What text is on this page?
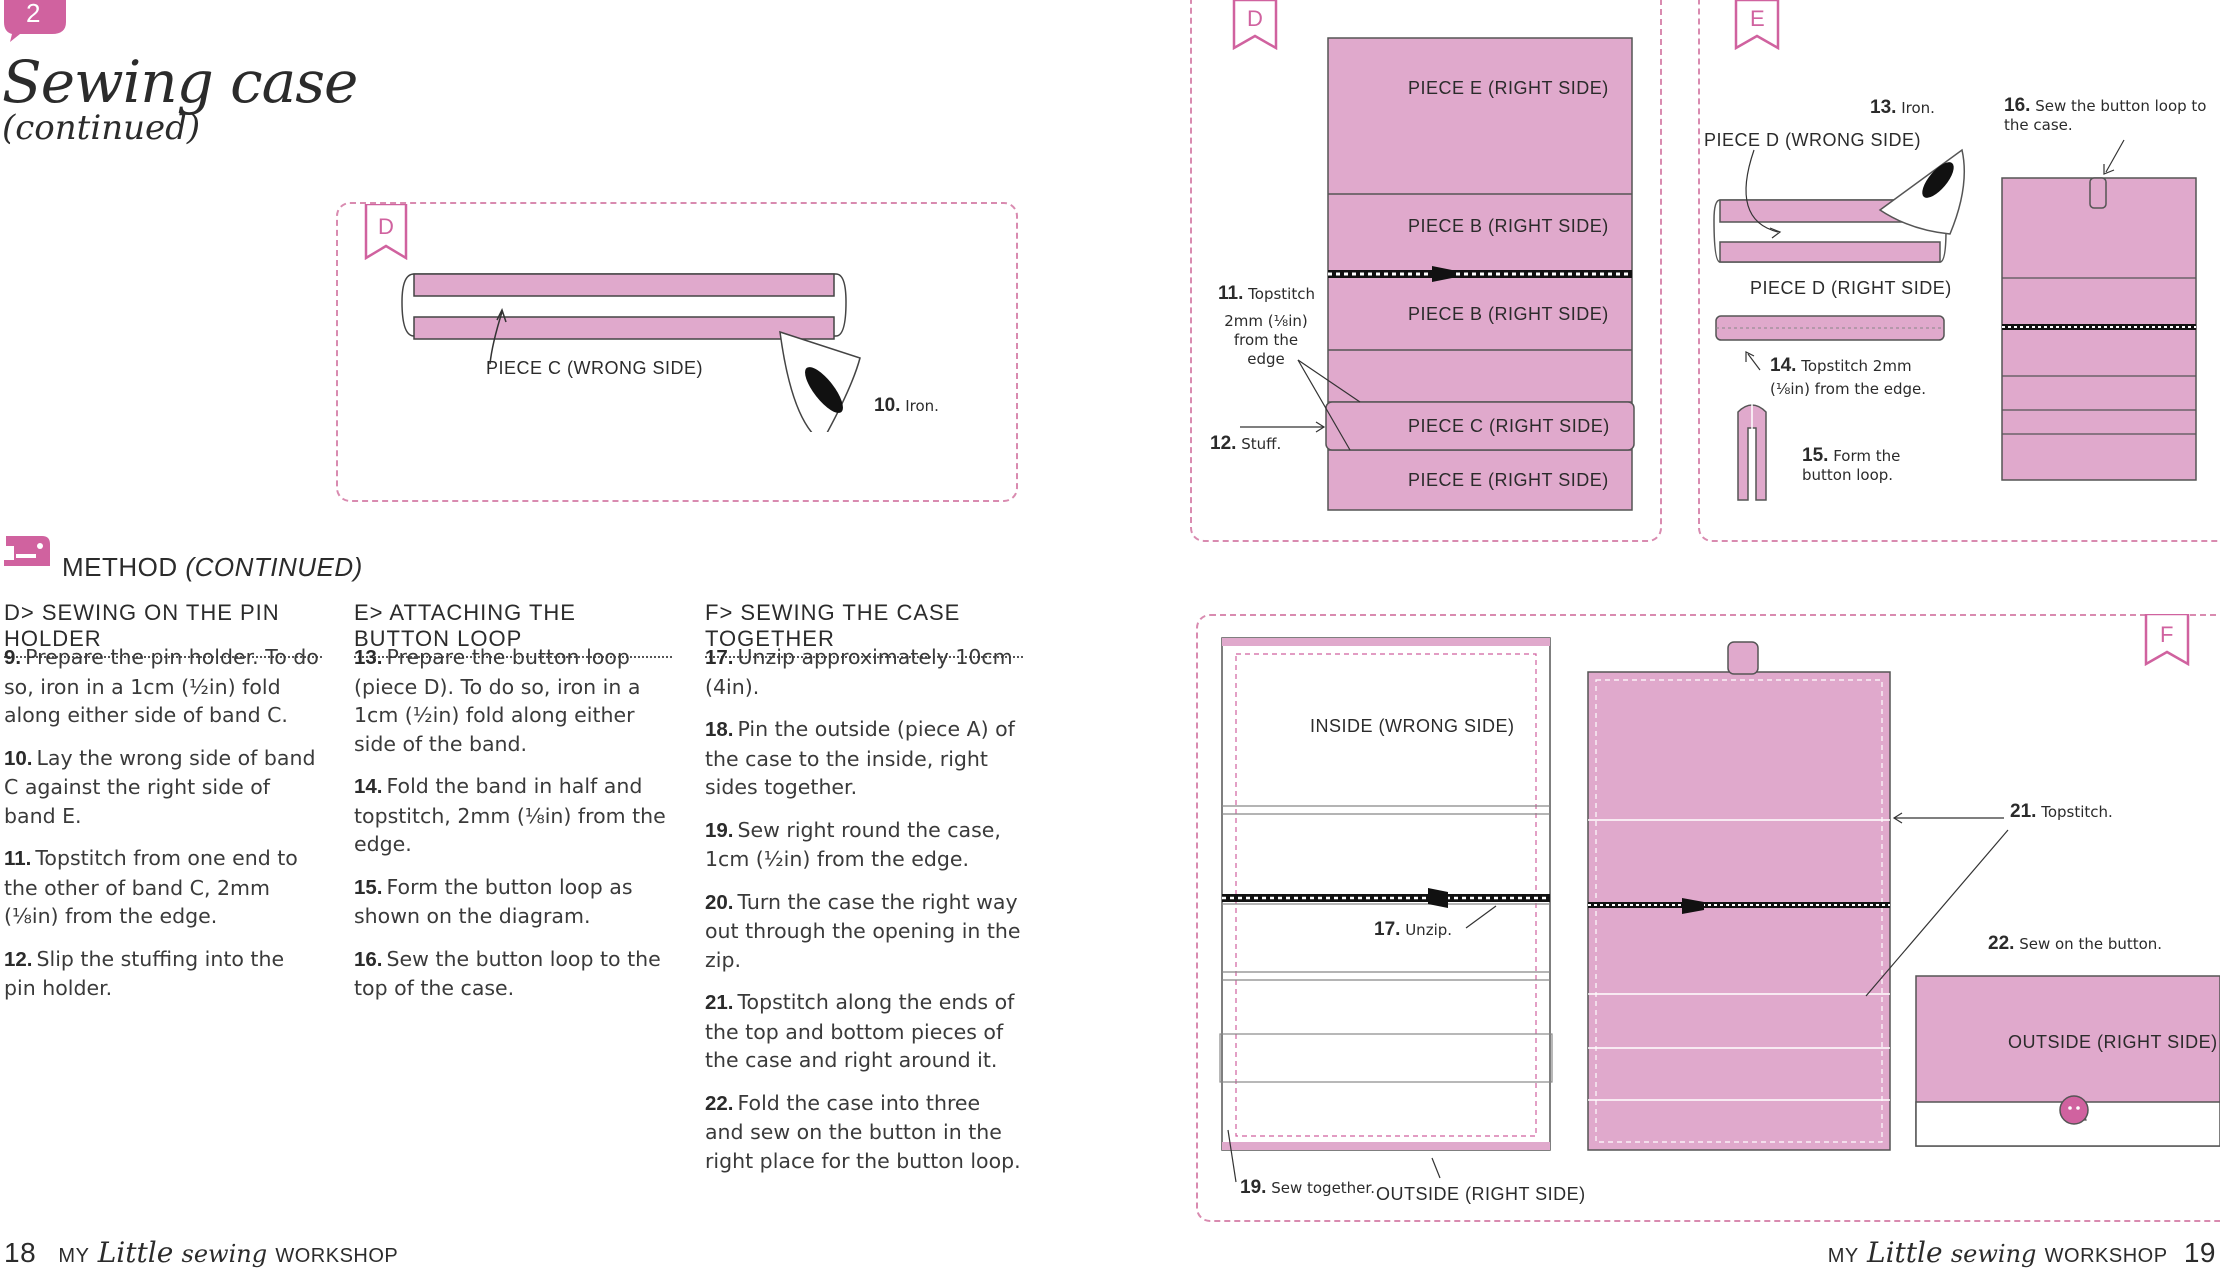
2
Sewing case
(continued)
D
PIECE C (WRONG SIDE)
10. Iron.
METHOD (CONTINUED)
D> SEWING ON THE PIN HOLDER

9. Prepare the pin holder. To do so, iron in a 1cm (½in) fold along either side of band C.

10. Lay the wrong side of band C against the right side of band E.

11. Topstitch from one end to the other of band C, 2mm (⅛in) from the edge.

12. Slip the stuffing into the pin holder.

E> ATTACHING THE BUTTON LOOP

13. Prepare the button loop (piece D). To do so, iron in a 1cm (½in) fold along either side of the band.

14. Fold the band in half and topstitch, 2mm (⅛in) from the edge.

15. Form the button loop as shown on the diagram.

16. Sew the button loop to the top of the case.

F> SEWING THE CASE TOGETHER

17. Unzip approximately 10cm (4in).

18. Pin the outside (piece A) of the case to the inside, right sides together.

19. Sew right round the case, 1cm (½in) from the edge.

20. Turn the case the right way out through the opening in the zip.

21. Topstitch along the ends of the top and bottom pieces of the case and right around it.

22. Fold the case into three and sew on the button in the right place for the button loop.

18 MY Little sewing WORKSHOP	MY Little sewing WORKSHOP 19
D
PIECE E (RIGHT SIDE)
PIECE B (RIGHT SIDE)
PIECE B (RIGHT SIDE)
PIECE C (RIGHT SIDE)
PIECE E (RIGHT SIDE)
11. Topstitch
2mm (⅛in) from the edge
12. Stuff.
E
PIECE D (WRONG SIDE)
PIECE D (RIGHT SIDE)
13. Iron.
14. Topstitch 2mm
(⅛in) from the edge.
15. Form the
button loop.
16. Sew the button loop to
the case.
F
INSIDE (WRONG SIDE)
OUTSIDE (RIGHT SIDE)
OUTSIDE (RIGHT SIDE)
17. Unzip.
19. Sew together.
21. Topstitch.
22. Sew on the button.
